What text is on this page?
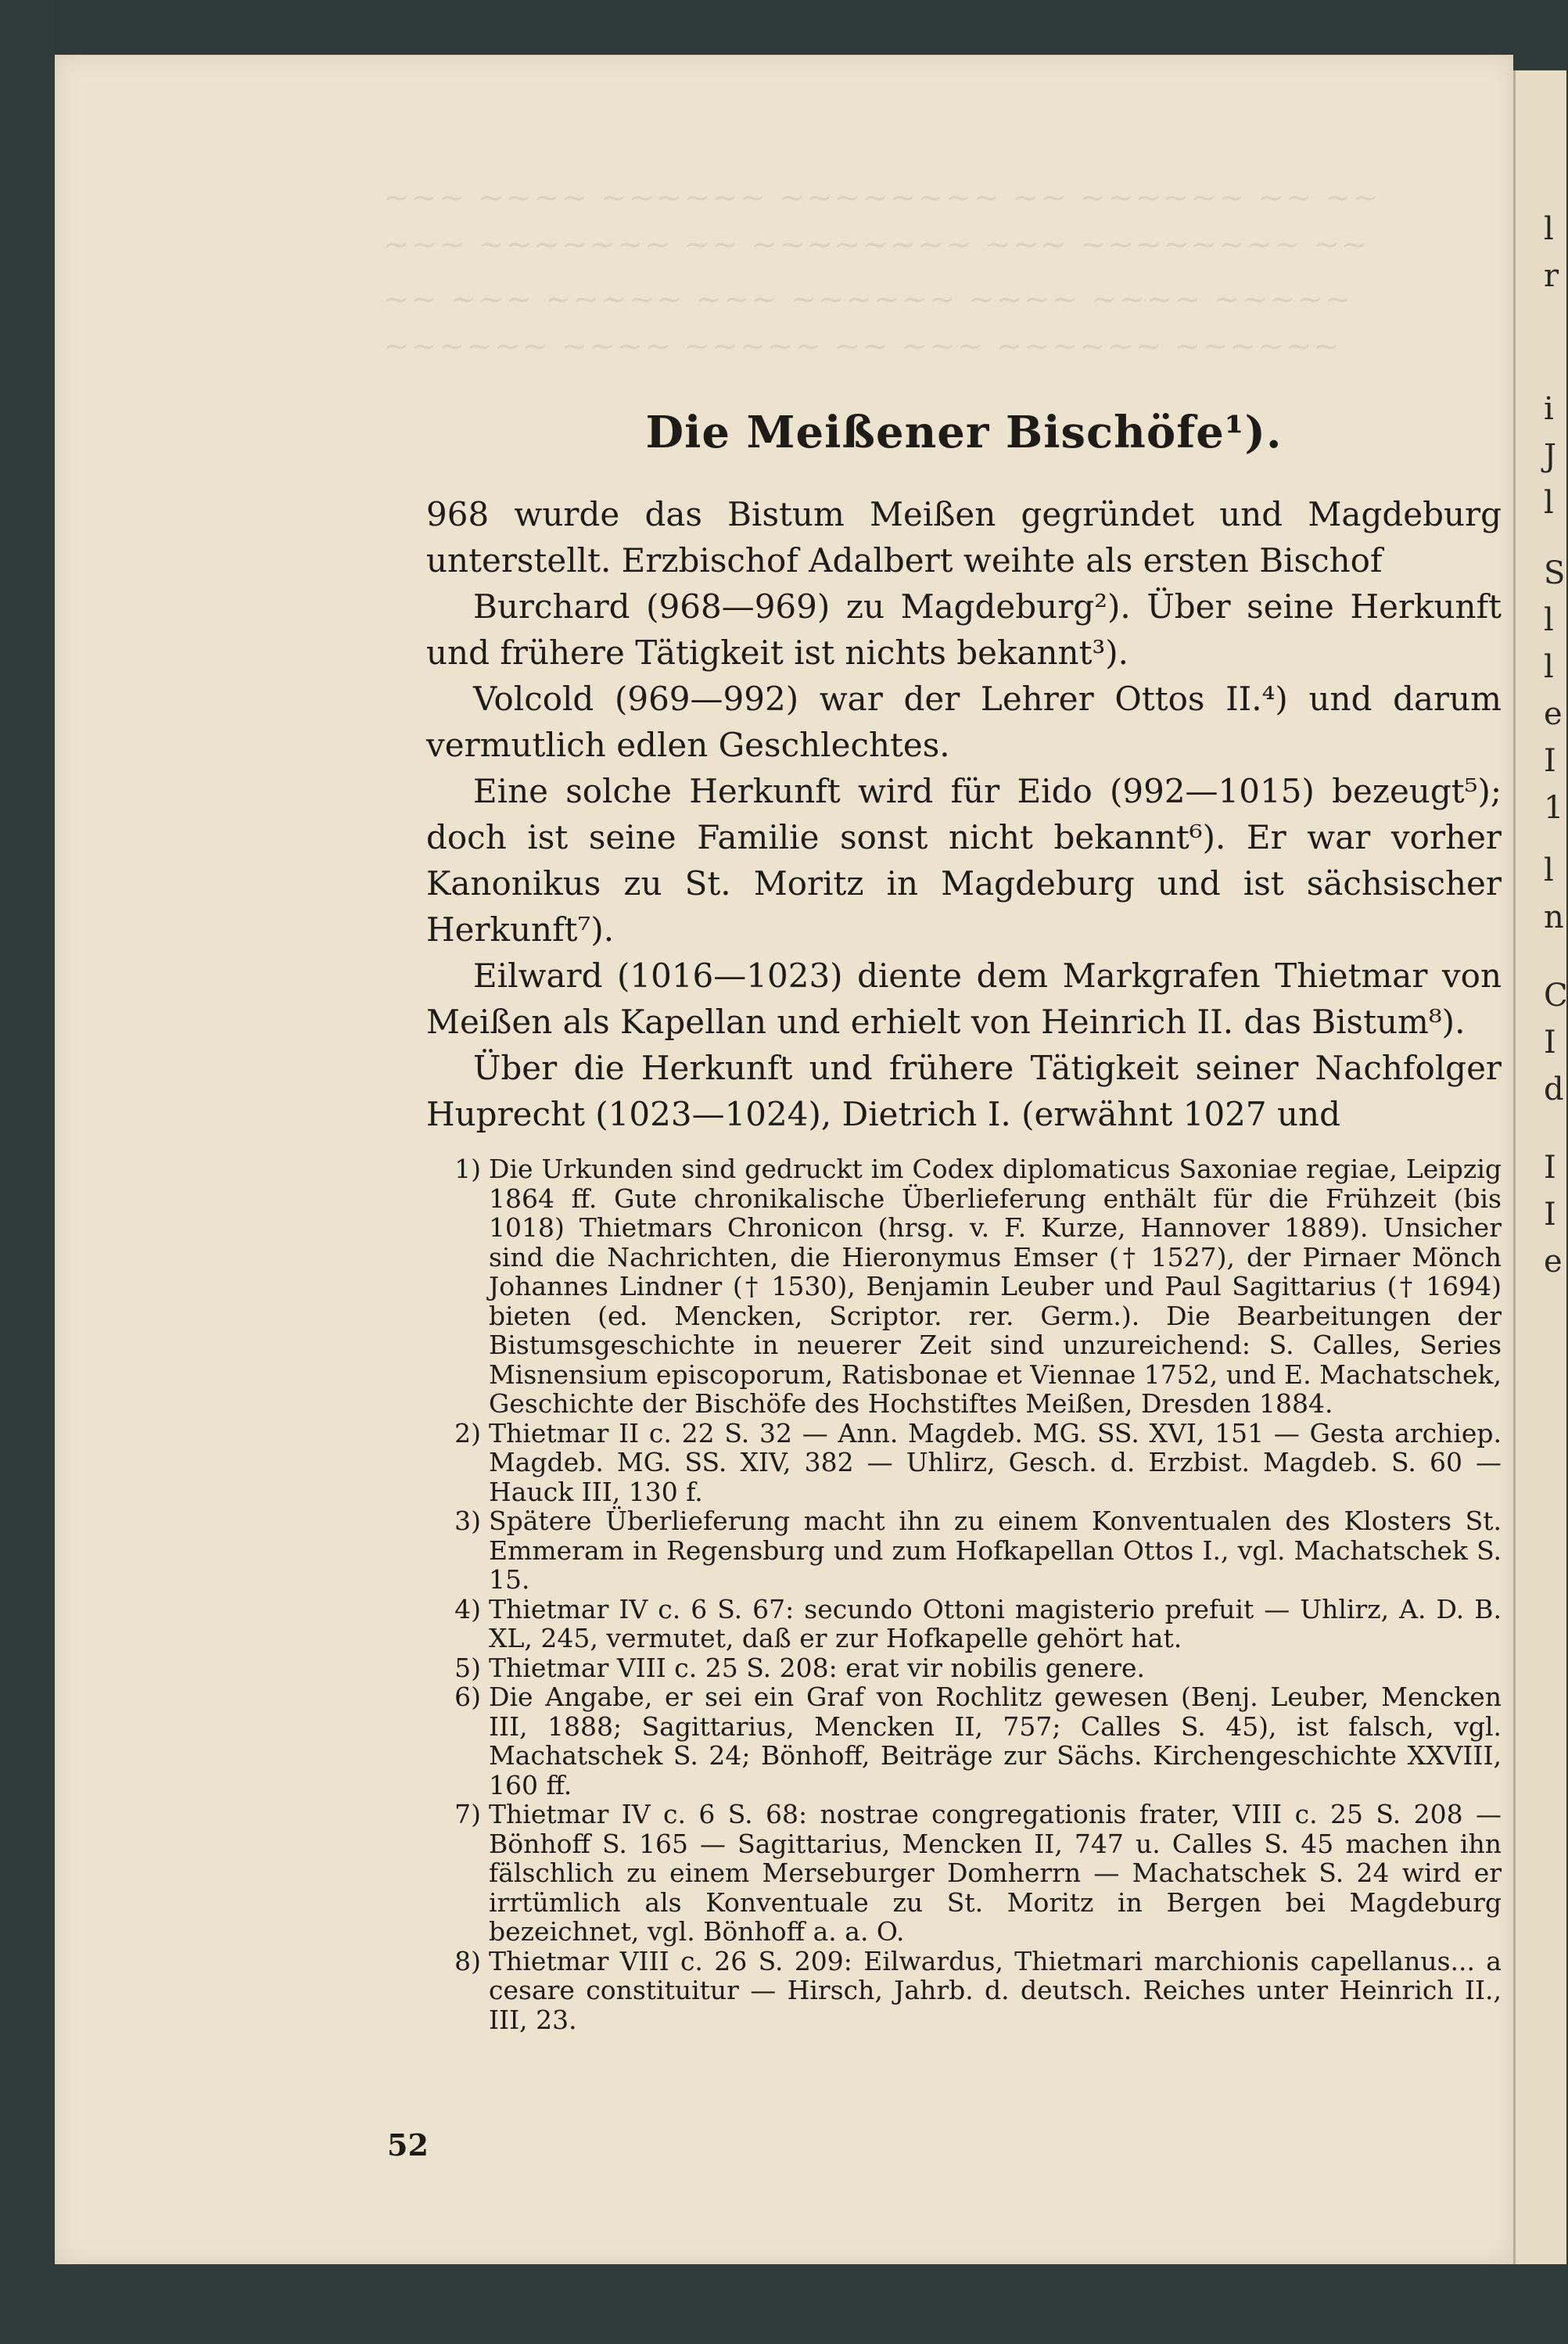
~~~ ~~~~ ~~~~~~ ~~~~~~~~ ~~ ~~~~~~ ~~ ~~
~~~ ~~~~~~~ ~~ ~~~~~~~~ ~~~ ~~~~~~~~ ~~
~~ ~~~ ~~~~~ ~~~ ~~~~~~ ~~~~ ~~~~ ~~~~~
~~~~~~ ~~~~ ~~~~~ ~~ ~~~ ~~~~~~ ~~~~~~
Die Meißener Bischöfe¹).

968 wurde das Bistum Meißen gegründet und Magdeburg unterstellt. Erzbischof Adalbert weihte als ersten Bischof

Burchard (968—969) zu Magdeburg²). Über seine Herkunft und frühere Tätigkeit ist nichts bekannt³).

Volcold (969—992) war der Lehrer Ottos II.⁴) und darum vermutlich edlen Geschlechtes.

Eine solche Herkunft wird für Eido (992—1015) bezeugt⁵); doch ist seine Familie sonst nicht bekannt⁶). Er war vorher Kanonikus zu St. Moritz in Magdeburg und ist sächsischer Herkunft⁷).

Eilward (1016—1023) diente dem Markgrafen Thietmar von Meißen als Kapellan und erhielt von Heinrich II. das Bistum⁸).

Über die Herkunft und frühere Tätigkeit seiner Nachfolger Huprecht (1023—1024), Dietrich I. (erwähnt 1027 und

1) Die Urkunden sind gedruckt im Codex diplomaticus Saxoniae regiae, Leipzig 1864 ff. Gute chronikalische Überlieferung enthält für die Frühzeit (bis 1018) Thietmars Chronicon (hrsg. v. F. Kurze, Hannover 1889). Unsicher sind die Nachrichten, die Hieronymus Emser († 1527), der Pirnaer Mönch Johannes Lindner († 1530), Benjamin Leuber und Paul Sagittarius († 1694) bieten (ed. Mencken, Scriptor. rer. Germ.). Die Bearbeitungen der Bistumsgeschichte in neuerer Zeit sind unzureichend: S. Calles, Series Misnensium episcoporum, Ratisbonae et Viennae 1752, und E. Machatschek, Geschichte der Bischöfe des Hochstiftes Meißen, Dresden 1884.
2) Thietmar II c. 22 S. 32 — Ann. Magdeb. MG. SS. XVI, 151 — Gesta archiep. Magdeb. MG. SS. XIV, 382 — Uhlirz, Gesch. d. Erzbist. Magdeb. S. 60 — Hauck III, 130 f.
3) Spätere Überlieferung macht ihn zu einem Konventualen des Klosters St. Emmeram in Regensburg und zum Hofkapellan Ottos I., vgl. Machatschek S. 15.
4) Thietmar IV c. 6 S. 67: secundo Ottoni magisterio prefuit — Uhlirz, A. D. B. XL, 245, vermutet, daß er zur Hofkapelle gehört hat.
5) Thietmar VIII c. 25 S. 208: erat vir nobilis genere.
6) Die Angabe, er sei ein Graf von Rochlitz gewesen (Benj. Leuber, Mencken III, 1888; Sagittarius, Mencken II, 757; Calles S. 45), ist falsch, vgl. Machatschek S. 24; Bönhoff, Beiträge zur Sächs. Kirchengeschichte XXVIII, 160 ff.
7) Thietmar IV c. 6 S. 68: nostrae congregationis frater, VIII c. 25 S. 208 — Bönhoff S. 165 — Sagittarius, Mencken II, 747 u. Calles S. 45 machen ihn fälschlich zu einem Merseburger Domherrn — Machatschek S. 24 wird er irrtümlich als Konventuale zu St. Moritz in Bergen bei Magdeburg bezeichnet, vgl. Bönhoff a. a. O.
8) Thietmar VIII c. 26 S. 209: Eilwardus, Thietmari marchionis capellanus... a cesare constituitur — Hirsch, Jahrb. d. deutsch. Reiches unter Heinrich II., III, 23.
52
l
r
i
J
l
S
l
l
e
I
1
l
n
C
I
d
I
I
e
